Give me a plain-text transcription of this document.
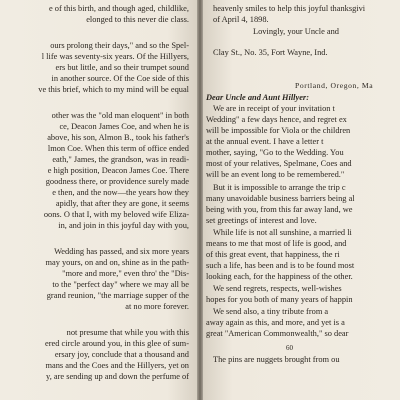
e of this birth, and though aged, childlike,
elonged to this never die class.
ours prolong their days," and so the Spel-
l life was seventy-six years. Of the Hillyers,
ers but little, and so their trumpet sound
in another source. Of the Coe side of this
ve this brief, which to my mind will be equal
other was the "old man eloquent" in both
ce, Deacon James Coe, and when he is
above, his son, Almon B., took his father's
lmon Coe. When this term of office ended
eath," James, the grandson, was in readi-
e high position, Deacon James Coe. There
goodness there, or providence surely made
e then, and the now—the years how they
apidly, that after they are gone, it seems
oons. O that I, with my beloved wife Eliza-
in, and join in this joyful day with you,
Wedding has passed, and six more years
may yours, on and on, shine as in the path-
"more and more," even thro' the "Dis-
to the "perfect day" where we may all be
grand reunion, "the marriage supper of the
at no more forever.
not presume that while you with this
ered circle around you, in this glee of sum-
ersary joy, conclude that a thousand and
mans and the Coes and the Hillyers, yet on
y, are sending up and down the perfume of
heavenly smiles to help this joyful thanksgivi
of April 4, 1898.
Lovingly, your Uncle and
Clay St., No. 35, Fort Wayne, Ind.
Portland, Oregon, Ma
Dear Uncle and Aunt Hillyer:
We are in receipt of your invitation t
Wedding" a few days hence, and regret ex
will be impossible for Viola or the children
at the annual event. I have a letter t
mother, saying, "Go to the Wedding. You
most of your relatives, Spelmane, Coes and
will be an event long to be remembered."
But it is impossible to arrange the trip c
many unavoidable business barriers being al
being with you, from this far away land, we
set greetings of interest and love.
While life is not all sunshine, a married li
means to me that most of life is good, and
of this great event, that happiness, the ri
such a life, has been and is to be found most
looking each, for the happiness of the other.
We send regrets, respects, well-wishes
hopes for you both of many years of happin
We send also, a tiny tribute from a
away again as this, and more, and yet is a
great "American Commonwealth," so dear
60
The pins are nuggets brought from ou
